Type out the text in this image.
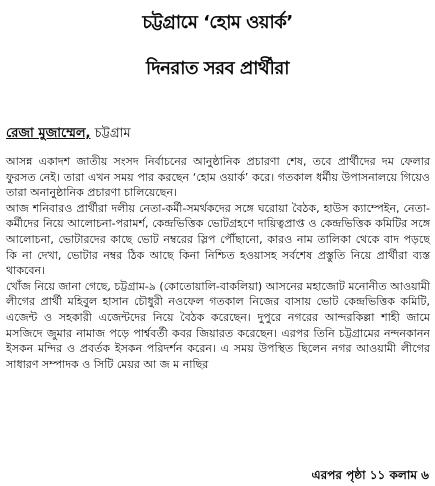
চট্টগ্রামে ‘হোম ওয়ার্ক’
দিনরাত সরব প্রার্থীরা
রেজা মুজাম্মেল, চট্টগ্রাম

আসন্ন একাদশ জাতীয় সংসদ নির্বাচনের আনুষ্ঠানিক প্রচারণা শেষ, তবে প্রার্থীদের দম ফেলার ফুরসত নেই। তারা এখন সময় পার করছেন ‘হোম ওয়ার্ক’ করে। গতকাল ধর্মীয় উপাসনালয়ে গিয়েও তারা অনানুষ্ঠানিক প্রচারণা চালিয়েছেন।

আজ শনিবারও প্রার্থীরা দলীয় নেতা-কর্মী-সমর্থকদের সঙ্গে ঘরোয়া বৈঠক, হাউস ক্যাম্পেইন, নেতা-কর্মীদের নিয়ে আলোচনা-পরামর্শ, কেন্দ্রভিত্তিক ভোটগ্রহণে দায়িত্বপ্রাপ্ত ও কেন্দ্রভিত্তিক কমিটির সঙ্গে আলোচনা, ভোটারদের কাছে ভোট নম্বরের স্লিপ পৌঁছানো, কারও নাম তালিকা থেকে বাদ পড়ছে কি না দেখা, ভোটার নম্বর ঠিক আছে কিনা নিশ্চিত হওয়াসহ সর্বশেষ প্রস্তুতি নিয়ে প্রার্থীরা ব্যস্ত থাকবেন।

খোঁজ নিয়ে জানা গেছে, চট্টগ্রাম-৯ (কোতোয়ালি-বাকলিয়া) আসনের মহাজোট মনোনীত আওয়ামী লীগের প্রার্থী মহিবুল হাসান চৌধুরী নওফেল গতকাল নিজের বাসায় ভোট কেন্দ্রভিত্তিক কমিটি, এজেন্ট ও সহকারী এজেন্টদের নিয়ে বৈঠক করেছেন। দুপুরে নগরের আন্দরকিল্লা শাহী জামে মসজিদে জুমার নামাজ পড়ে পার্শ্ববর্তী কবর জিয়ারত করেছেন। এরপর তিনি চট্টগ্রামের নন্দনকানন ইসকন মন্দির ও প্রবর্তক ইসকন পরিদর্শন করেন। এ সময় উপস্থিত ছিলেন নগর আওয়ামী লীগের সাধারণ সম্পাদক ও সিটি মেয়র আ জ ম নাছির

এরপর পৃষ্ঠা ১১ কলাম ৬
